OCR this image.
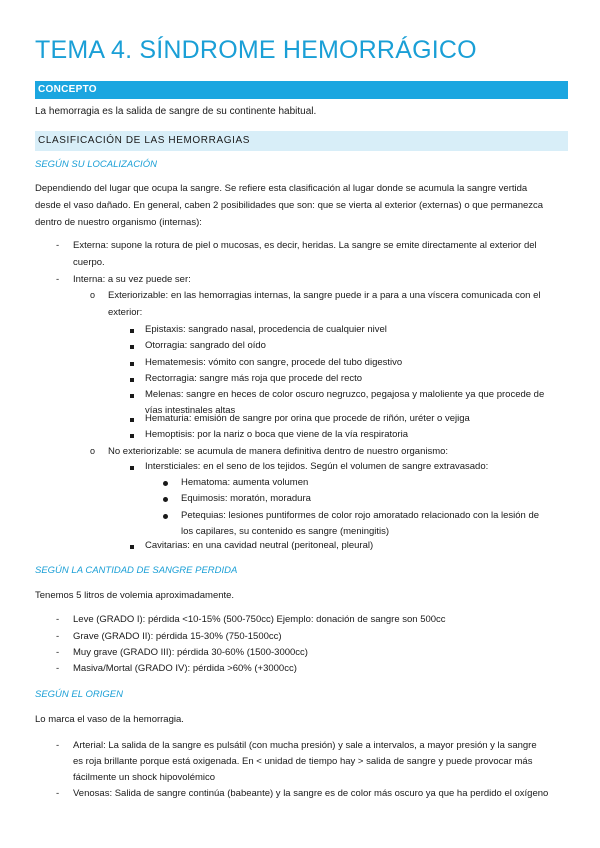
TEMA 4. SÍNDROME HEMORRÁGICO
CONCEPTO
La hemorragia es la salida de sangre de su continente habitual.
CLASIFICACIÓN DE LAS HEMORRAGIAS
SEGÚN SU LOCALIZACIÓN
Dependiendo del lugar que ocupa la sangre. Se refiere esta clasificación al lugar donde se acumula la sangre vertida
desde el vaso dañado. En general, caben 2 posibilidades que son: que se vierta al exterior (externas) o que permanezca
dentro de nuestro organismo (internas):
- Externa: supone la rotura de piel o mucosas, es decir, heridas. La sangre se emite directamente al exterior del
cuerpo.
- Interna: a su vez puede ser:
o Exteriorizable: en las hemorragias internas, la sangre puede ir a para a una víscera comunicada con el
exterior:
Epistaxis: sangrado nasal, procedencia de cualquier nivel
Otorragia: sangrado del oído
Hematemesis: vómito con sangre, procede del tubo digestivo
Rectorragia: sangre más roja que procede del recto
Melenas: sangre en heces de color oscuro negruzco, pegajosa y maloliente ya que procede de
vías intestinales altas
Hematuria: emisión de sangre por orina que procede de riñón, uréter o vejiga
Hemoptisis: por la nariz o boca que viene de la vía respiratoria
o No exteriorizable: se acumula de manera definitiva dentro de nuestro organismo:
Intersticiales: en el seno de los tejidos. Según el volumen de sangre extravasado:
Hematoma: aumenta volumen
Equimosis: moratón, moradura
Petequias: lesiones puntiformes de color rojo amoratado relacionado con la lesión de
los capilares, su contenido es sangre (meningitis)
Cavitarias: en una cavidad neutral (peritoneal, pleural)
SEGÚN LA CANTIDAD DE SANGRE PERDIDA
Tenemos 5 litros de volemia aproximadamente.
- Leve (GRADO I): pérdida <10-15% (500-750cc) Ejemplo: donación de sangre son 500cc
- Grave (GRADO II): pérdida 15-30% (750-1500cc)
- Muy grave (GRADO III): pérdida 30-60% (1500-3000cc)
- Masiva/Mortal (GRADO IV): pérdida >60% (+3000cc)
SEGÚN EL ORIGEN
Lo marca el vaso de la hemorragia.
- Arterial: La salida de la sangre es pulsátil (con mucha presión) y sale a intervalos, a mayor presión y la sangre
es roja brillante porque está oxigenada. En < unidad de tiempo hay > salida de sangre y puede provocar más
fácilmente un shock hipovolémico
- Venosas: Salida de sangre continúa (babeante) y la sangre es de color más oscuro ya que ha perdido el oxígeno
